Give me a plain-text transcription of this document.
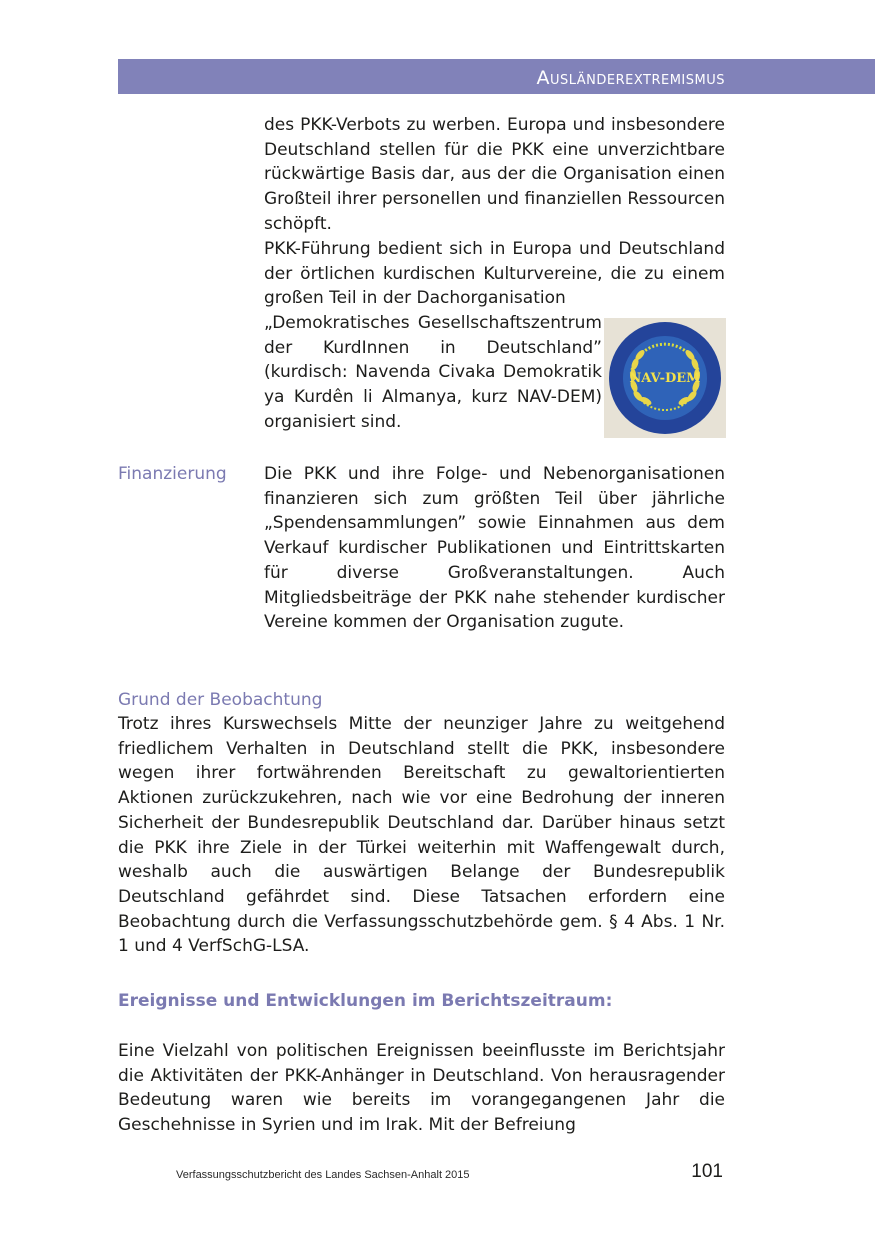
Ausländerextremismus

des PKK-Verbots zu werben. Europa und insbesondere Deutschland stellen für die PKK eine unverzichtbare rückwärtige Basis dar, aus der die Organisation einen Großteil ihrer personellen und finanziellen Ressourcen schöpft.

PKK-Führung bedient sich in Europa und Deutschland der örtlichen kurdischen Kulturvereine, die zu einem großen Teil in der Dachorganisation

„Demokratisches Gesellschaftszentrum der KurdInnen in Deutschland” (kurdisch: Navenda Civaka Demokratik ya Kurdên li Almanya, kurz NAV-DEM) organisiert sind.

NAV-DEM

Finanzierung Die PKK und ihre Folge- und Nebenorganisationen finanzieren sich zum größten Teil über jährliche „Spendensammlungen” sowie Einnahmen aus dem Verkauf kurdischer Publikationen und Eintrittskarten für diverse Großveranstaltungen. Auch Mitgliedsbeiträge der PKK nahe stehender kurdischer Vereine kommen der Organisation zugute.

Grund der Beobachtung

Trotz ihres Kurswechsels Mitte der neunziger Jahre zu weitgehend friedlichem Verhalten in Deutschland stellt die PKK, insbesondere wegen ihrer fortwährenden Bereitschaft zu gewaltorientierten Aktionen zurückzukehren, nach wie vor eine Bedrohung der inneren Sicherheit der Bundesrepublik Deutschland dar. Darüber hinaus setzt die PKK ihre Ziele in der Türkei weiterhin mit Waffengewalt durch, weshalb auch die auswärtigen Belange der Bundesrepublik Deutschland gefährdet sind. Diese Tatsachen erfordern eine Beobachtung durch die Verfassungsschutzbehörde gem. § 4 Abs. 1 Nr. 1 und 4 VerfSchG-LSA.

Ereignisse und Entwicklungen im Berichtszeitraum:

Eine Vielzahl von politischen Ereignissen beeinflusste im Berichtsjahr die Aktivitäten der PKK-Anhänger in Deutschland. Von herausragender Bedeutung waren wie bereits im vorangegangenen Jahr die Geschehnisse in Syrien und im Irak. Mit der Befreiung

Verfassungsschutzbericht des Landes Sachsen-Anhalt 2015	101
